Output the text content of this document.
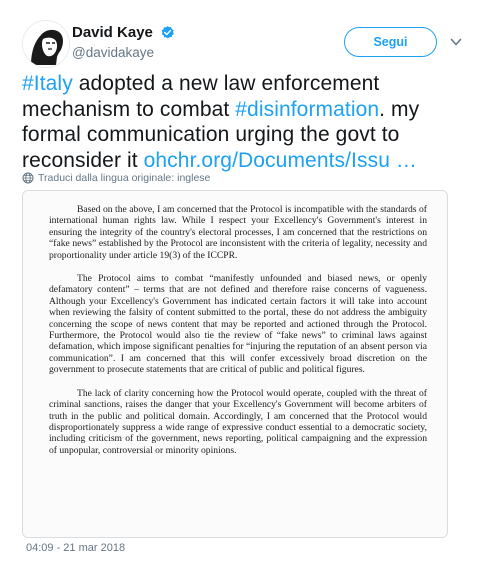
David Kaye
@davidakaye
Segui
#Italy adopted a new law enforcement mechanism to combat #disinformation. my formal communication urging the govt to reconsider it ohchr.org/Documents/Issu …
Traduci dalla lingua originale: inglese

Based on the above, I am concerned that the Protocol is incompatible with the standards of international human rights law. While I respect your Excellency's Government's interest in ensuring the integrity of the country's electoral processes, I am concerned that the restrictions on “fake news” established by the Protocol are inconsistent with the criteria of legality, necessity and proportionality under article 19(3) of the ICCPR.

The Protocol aims to combat “manifestly unfounded and biased news, or openly defamatory content” – terms that are not defined and therefore raise concerns of vagueness. Although your Excellency's Government has indicated certain factors it will take into account when reviewing the falsity of content submitted to the portal, these do not address the ambiguity concerning the scope of news content that may be reported and actioned through the Protocol. Furthermore, the Protocol would also tie the review of “fake news” to criminal laws against defamation, which impose significant penalties for “injuring the reputation of an absent person via communication”. I am concerned that this will confer excessively broad discretion on the government to prosecute statements that are critical of public and political figures.

The lack of clarity concerning how the Protocol would operate, coupled with the threat of criminal sanctions, raises the danger that your Excellency's Government will become arbiters of truth in the public and political domain. Accordingly, I am concerned that the Protocol would disproportionately suppress a wide range of expressive conduct essential to a democratic society, including criticism of the government, news reporting, political campaigning and the expression of unpopular, controversial or minority opinions.

04:09 - 21 mar 2018
